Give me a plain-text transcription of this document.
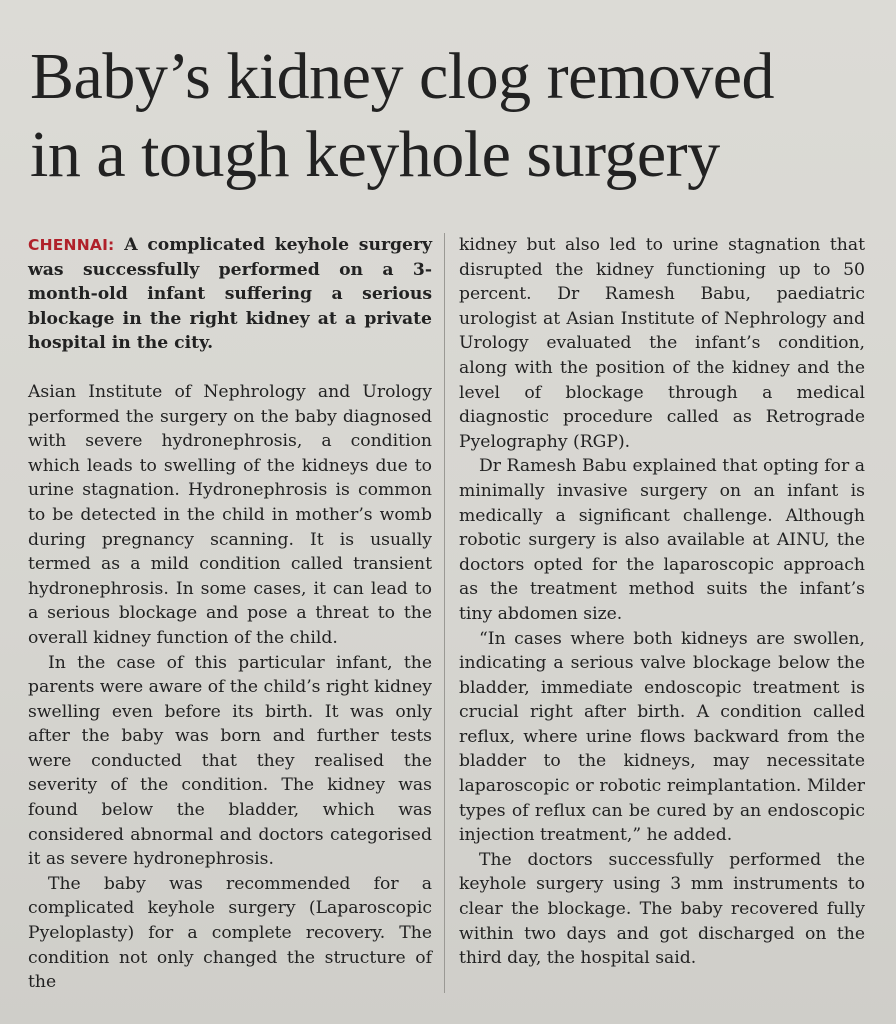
Baby’s kidney clog removed
in a tough keyhole surgery

CHENNAI: A complicated keyhole surgery was successfully performed on a 3-month-old infant suffering a serious blockage in the right kidney at a private hospital in the city.

Asian Institute of Nephrology and Urology performed the surgery on the baby diagnosed with severe hydronephrosis, a condition which leads to swelling of the kidneys due to urine stagnation. Hydronephrosis is common to be detected in the child in mother’s womb during pregnancy scanning. It is usually termed as a mild condition called transient hydronephrosis. In some cases, it can lead to a serious blockage and pose a threat to the overall kidney function of the child.

In the case of this particular infant, the parents were aware of the child’s right kidney swelling even before its birth. It was only after the baby was born and further tests were conducted that they realised the severity of the condition. The kidney was found below the bladder, which was considered abnormal and doctors categorised it as severe hydronephrosis.

The baby was recommended for a complicated keyhole surgery (Laparoscopic Pyeloplasty) for a complete recovery. The condition not only changed the structure of the

kidney but also led to urine stagnation that disrupted the kidney functioning up to 50 percent. Dr Ramesh Babu, paediatric urologist at Asian Institute of Nephrology and Urology evaluated the infant’s condition, along with the position of the kidney and the level of blockage through a medical diagnostic procedure called as Retrograde Pyelography (RGP).

Dr Ramesh Babu explained that opting for a minimally invasive surgery on an infant is medically a significant challenge. Although robotic surgery is also available at AINU, the doctors opted for the laparoscopic approach as the treatment method suits the infant’s tiny abdomen size.

“In cases where both kidneys are swollen, indicating a serious valve blockage below the bladder, immediate endoscopic treatment is crucial right after birth. A condition called reflux, where urine flows backward from the bladder to the kidneys, may necessitate laparoscopic or robotic reimplantation. Milder types of reflux can be cured by an endoscopic injection treatment,” he added.

The doctors successfully performed the keyhole surgery using 3 mm instruments to clear the blockage. The baby recovered fully within two days and got discharged on the third day, the hospital said.
